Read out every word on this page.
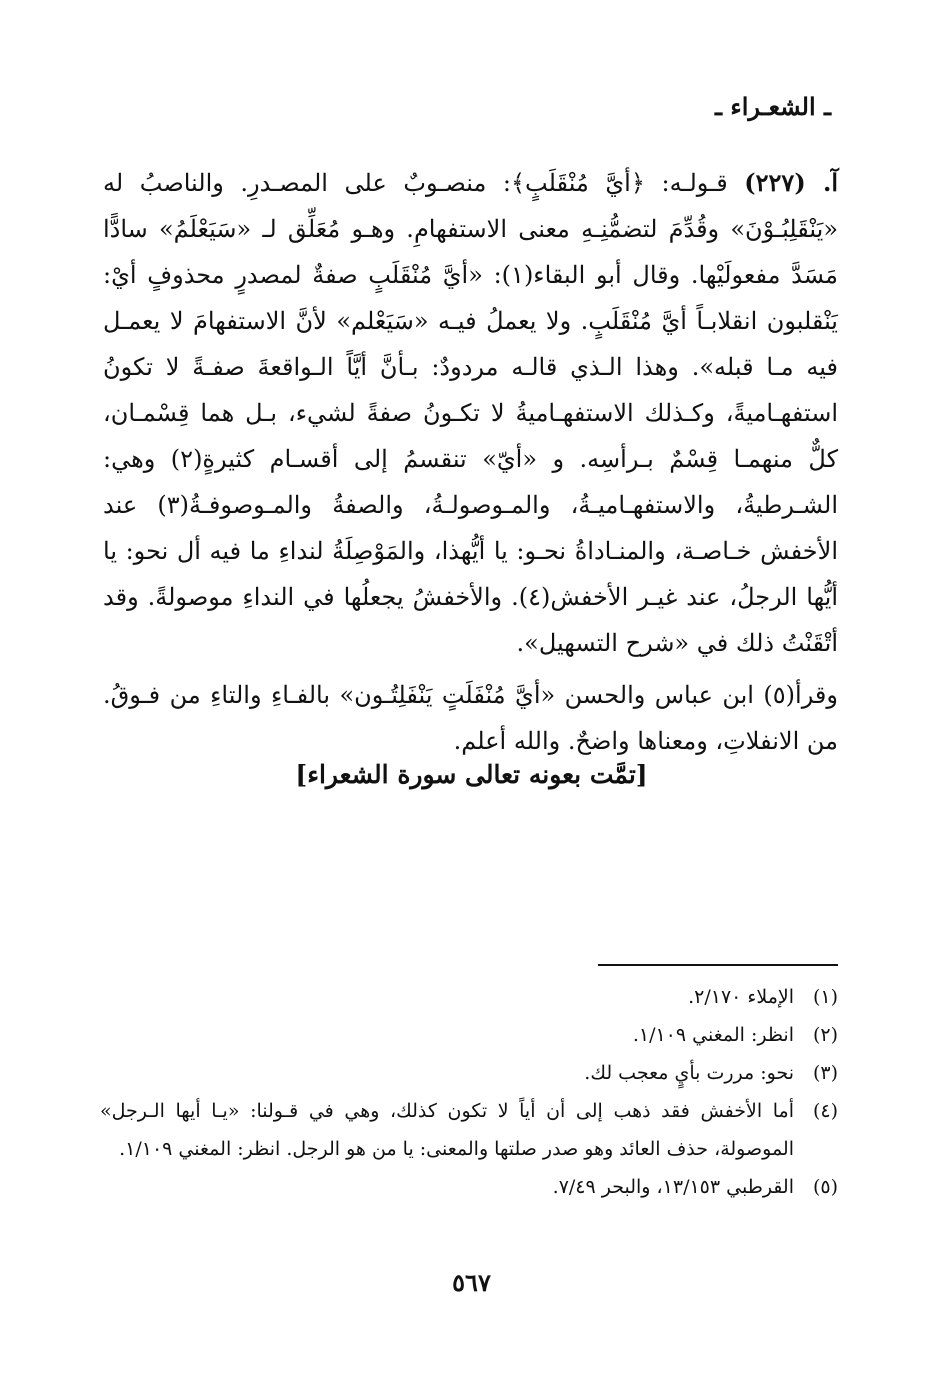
ـ الشعـراء ـ

آ. (٢٢٧) قـولـه: ﴿أيَّ مُنْقَلَبٍ﴾: منصـوبٌ على المصـدرِ. والناصبُ له «يَنْقَلِبُـوْنَ» وقُدِّمَ لتضمُّنِـهِ معنى الاستفهامِ. وهـو مُعَلِّق لـ «سَيَعْلَمُ» سادًّا مَسَدَّ مفعولَيْها. وقال أبو البقاء(١): «أيَّ مُنْقَلَبٍ صفةٌ لمصدرٍ محذوفٍ أيْ: يَنْقلبون انقلابـاً أيَّ مُنْقَلَبٍ. ولا يعملُ فيـه «سَيَعْلم» لأنَّ الاستفهامَ لا يعمـل فيه مـا قبله». وهذا الـذي قالـه مردودٌ: بـأنَّ أيَّاً الـواقعةَ صفـةً لا تكونُ استفهـاميةً، وكـذلك الاستفهـاميةُ لا تكـونُ صفةً لشيء، بـل هما قِسْمـان، كلٌّ منهمـا قِسْمٌ بـرأسِه. و «أيّ» تنقسمُ إلى أقسـام كثيرةٍ(٢) وهي: الشـرطيةُ، والاستفهـاميـةُ، والمـوصولـةُ، والصفةُ والمـوصوفـةُ(٣) عند الأخفش خـاصـة، والمنـاداةُ نحـو: يا أيُّهذا، والمَوْصِلَةُ لنداءِ ما فيه أل نحو: يا أيُّها الرجلُ، عند غيـر الأخفش(٤). والأخفشُ يجعلُها في النداءِ موصولةً. وقد أتْقَنْتُ ذلك في «شرح التسهيل».

وقرأ(٥) ابن عباس والحسن «أيَّ مُنْفَلَتٍ يَنْفَلِتُـون» بالفـاءِ والتاءِ من فـوقُ. من الانفلاتِ، ومعناها واضحٌ. والله أعلم.

[تمَّت بعونه تعالى سورة الشعراء]
(١)
الإملاء ٢/١٧٠.
(٢)
انظر: المغني ١/١٠٩.
(٣)
نحو: مررت بأيٍ معجب لك.
(٤)
أما الأخفش فقد ذهب إلى أن أياً لا تكون كذلك، وهي في قـولنا: «يـا أيها الـرجل» الموصولة، حذف العائد وهو صدر صلتها والمعنى: يا من هو الرجل. انظر: المغني ١/١٠٩.
(٥)
القرطبي ١٣/١٥٣، والبحر ٧/٤٩.
٥٦٧
